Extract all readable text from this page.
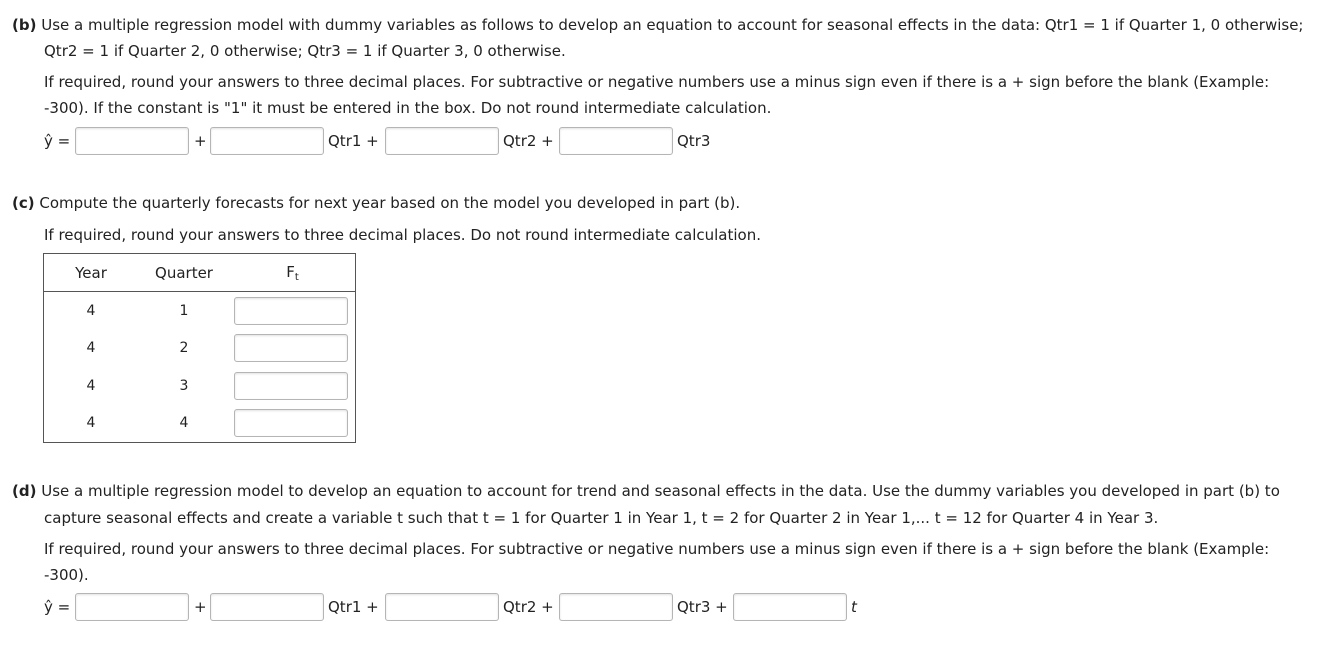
(b) Use a multiple regression model with dummy variables as follows to develop an equation to account for seasonal effects in the data: Qtr1 = 1 if Quarter 1, 0 otherwise;
Qtr2 = 1 if Quarter 2, 0 otherwise; Qtr3 = 1 if Quarter 3, 0 otherwise.
If required, round your answers to three decimal places. For subtractive or negative numbers use a minus sign even if there is a + sign before the blank (Example:
-300). If the constant is "1" it must be entered in the box. Do not round intermediate calculation.
ŷ =	+	Qtr1 +	Qtr2 +	Qtr3
(c) Compute the quarterly forecasts for next year based on the model you developed in part (b).
If required, round your answers to three decimal places. Do not round intermediate calculation.
Year	Quarter	$F_t$
4	1	

4	2	

4	3	

4	4	
(d) Use a multiple regression model to develop an equation to account for trend and seasonal effects in the data. Use the dummy variables you developed in part (b) to
capture seasonal effects and create a variable t such that t = 1 for Quarter 1 in Year 1, t = 2 for Quarter 2 in Year 1,... t = 12 for Quarter 4 in Year 3.
If required, round your answers to three decimal places. For subtractive or negative numbers use a minus sign even if there is a + sign before the blank (Example:
-300).
ŷ =	+	Qtr1 +	Qtr2 +	Qtr3 +	t
